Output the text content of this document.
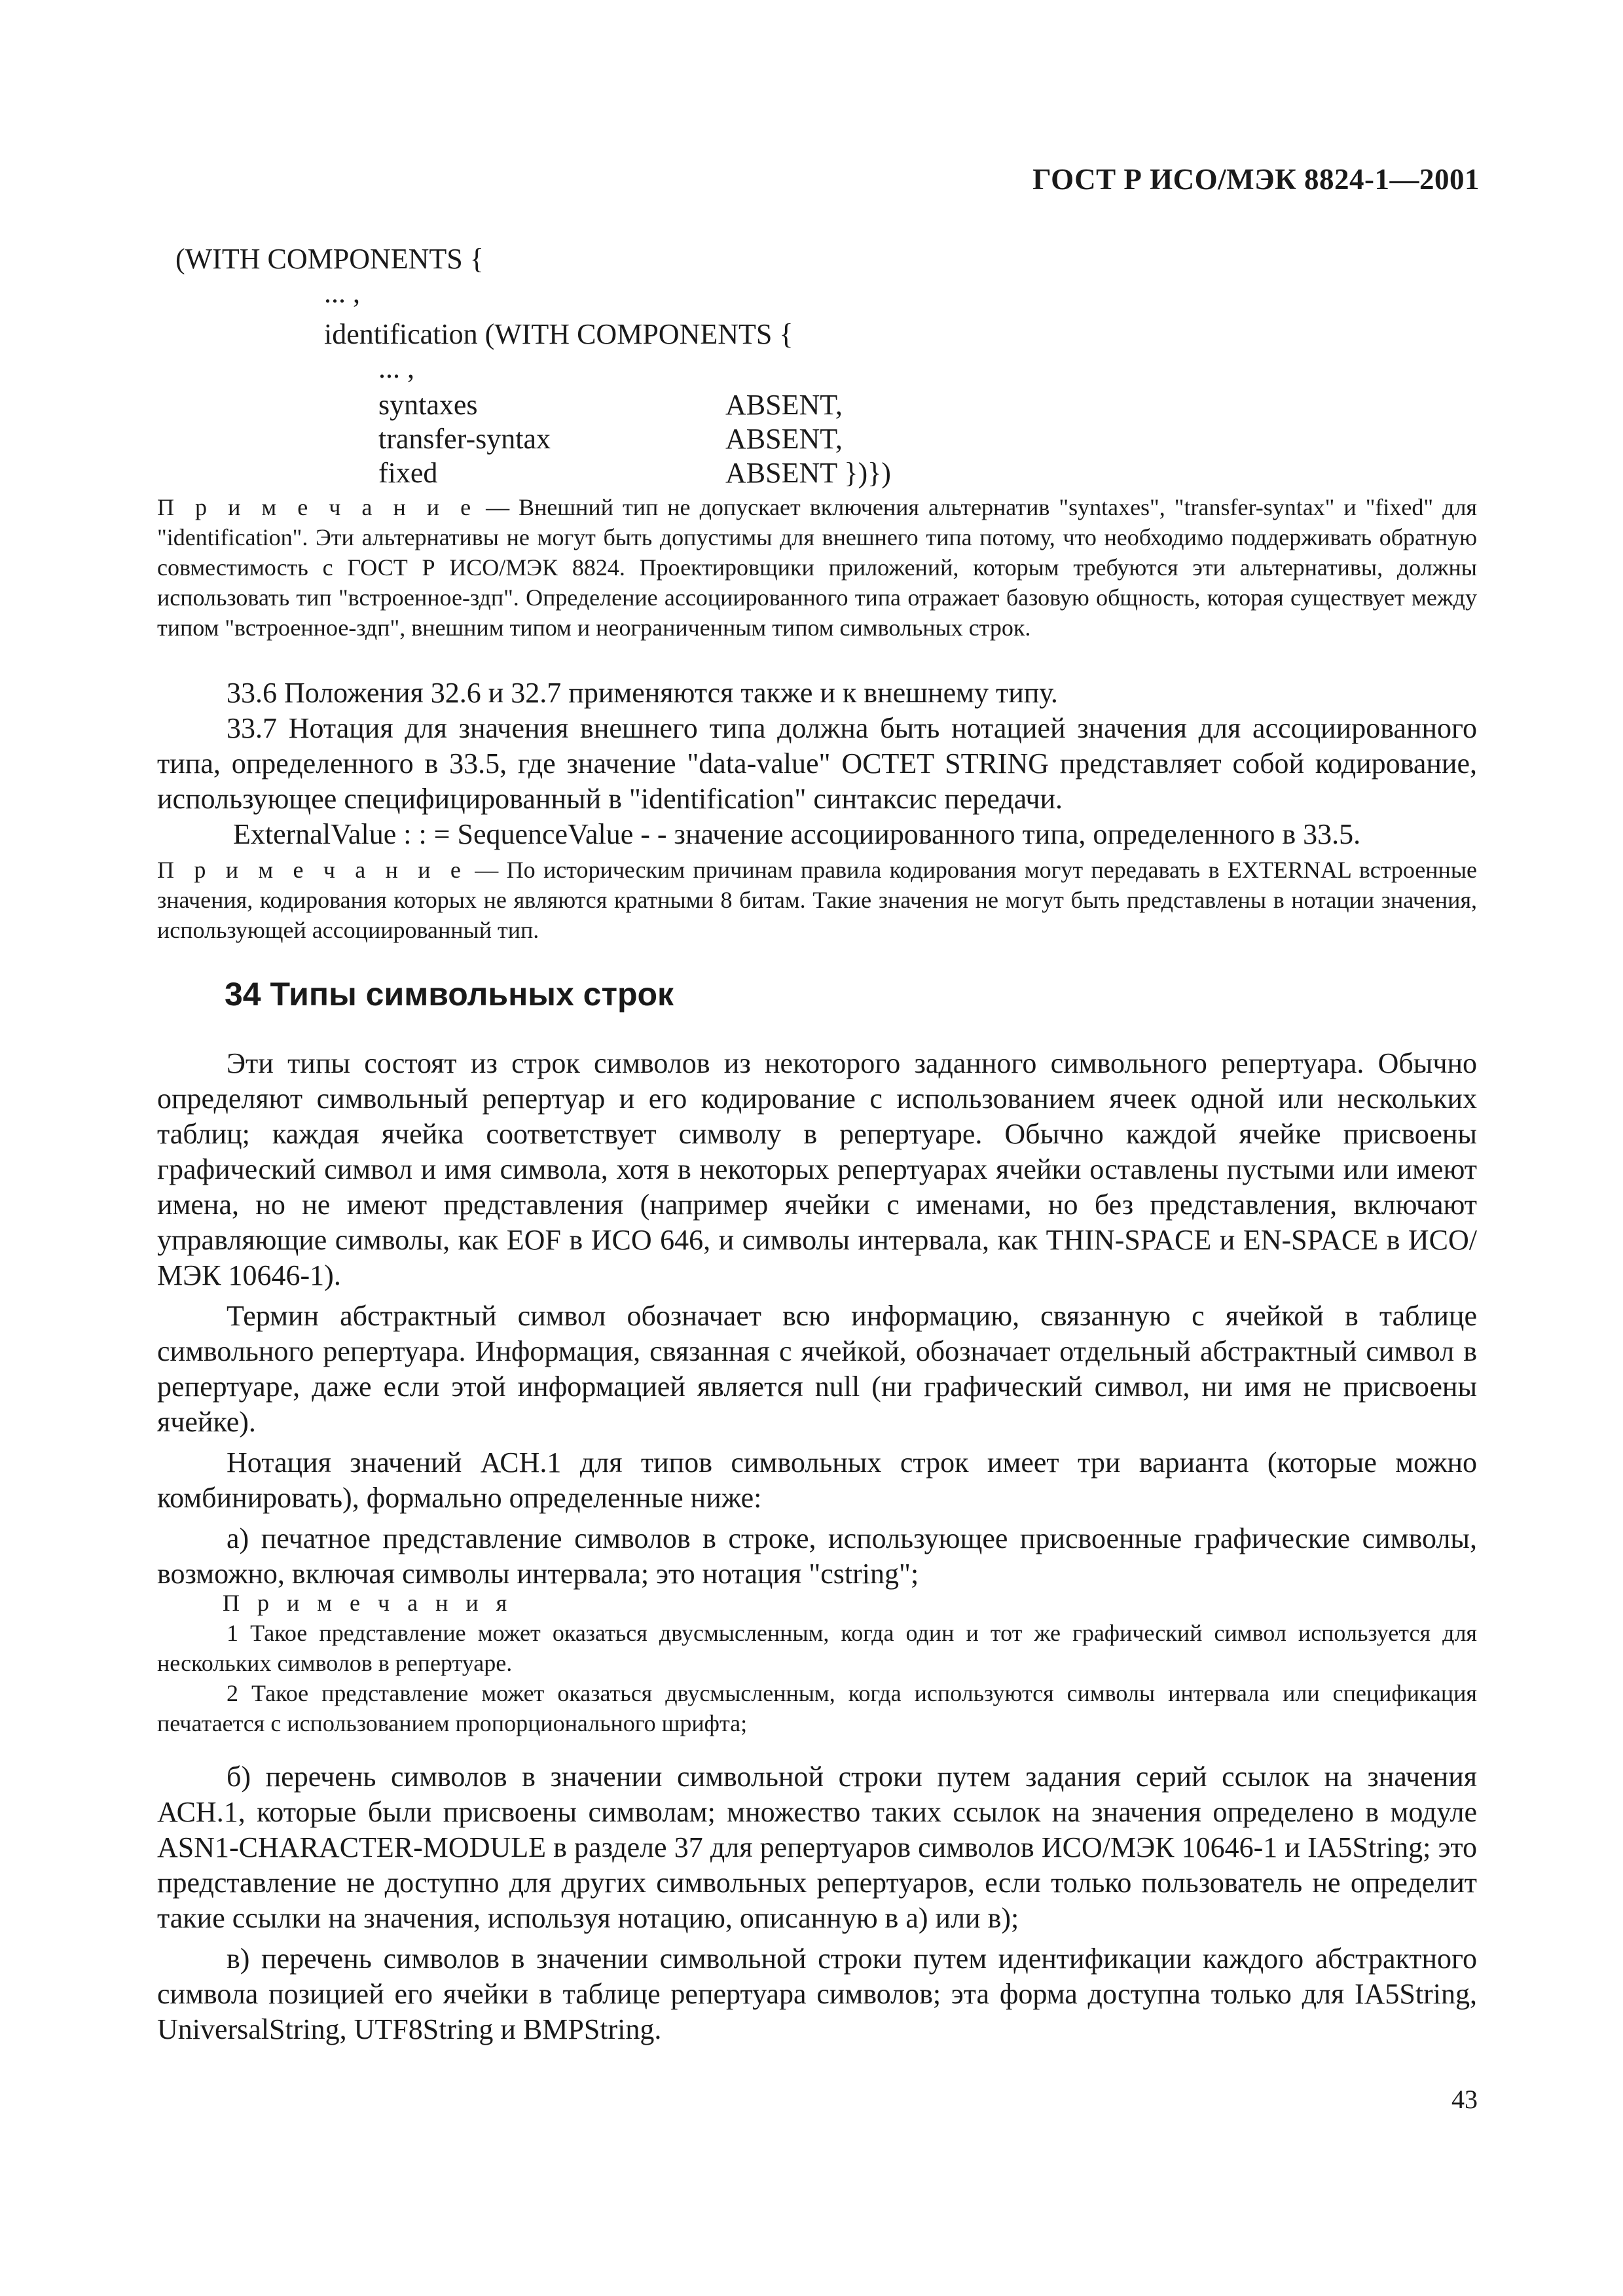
ГОСТ Р ИСО/МЭК 8824-1—2001
(WITH COMPONENTS {
... ,
identification (WITH COMPONENTS {
... ,
syntaxes	ABSENT,
transfer-syntax	ABSENT,
fixed	ABSENT })})

П р и м е ч а н и е — Внешний тип не допускает включения альтернатив "syntaxes", "transfer-syntax" и "fixed" для "identification". Эти альтернативы не могут быть допустимы для внешнего типа потому, что необходимо поддерживать обратную совместимость с ГОСТ Р ИСО/МЭК 8824. Проектировщики приложений, которым требуются эти альтернативы, должны использовать тип "встроенное-здп". Определение ассоциированного типа отражает базовую общность, которая существует между типом "встроенное-здп", внешним типом и неограниченным типом символьных строк.

33.6 Положения 32.6 и 32.7 применяются также и к внешнему типу.

33.7 Нотация для значения внешнего типа должна быть нотацией значения для ассоциированного типа, определенного в 33.5, где значение "data-value" OCTET STRING представляет собой кодирование, использующее специфицированный в "identification" синтаксис передачи.

ExternalValue : : = SequenceValue - - значение ассоциированного типа, определенного в 33.5.

П р и м е ч а н и е — По историческим причинам правила кодирования могут передавать в EXTERNAL встроенные значения, кодирования которых не являются кратными 8 битам. Такие значения не могут быть представлены в нотации значения, использующей ассоциированный тип.

34 Типы символьных строк

Эти типы состоят из строк символов из некоторого заданного символьного репертуара. Обычно определяют символьный репертуар и его кодирование с использованием ячеек одной или нескольких таблиц; каждая ячейка соответствует символу в репертуаре. Обычно каждой ячейке присвоены графический символ и имя символа, хотя в некоторых репертуарах ячейки оставлены пустыми или имеют имена, но не имеют представления (например ячейки с именами, но без представления, включают управляющие символы, как EOF в ИСО 646, и символы интервала, как THIN-SPACE и EN-SPACE в ИСО/МЭК 10646-1).

Термин абстрактный символ обозначает всю информацию, связанную с ячейкой в таблице символьного репертуара. Информация, связанная с ячейкой, обозначает отдельный абстрактный символ в репертуаре, даже если этой информацией является null (ни графический символ, ни имя не присвоены ячейке).

Нотация значений АСН.1 для типов символьных строк имеет три варианта (которые можно комбинировать), формально определенные ниже:

а) печатное представление символов в строке, использующее присвоенные графические символы, возможно, включая символы интервала; это нотация "cstring";

П р и м е ч а н и я

1 Такое представление может оказаться двусмысленным, когда один и тот же графический символ используется для нескольких символов в репертуаре.

2 Такое представление может оказаться двусмысленным, когда используются символы интервала или спецификация печатается с использованием пропорционального шрифта;

б) перечень символов в значении символьной строки путем задания серий ссылок на значения АСН.1, которые были присвоены символам; множество таких ссылок на значения определено в модуле ASN1-CHARACTER-MODULE в разделе 37 для репертуаров символов ИСО/МЭК 10646-1 и IA5String; это представление не доступно для других символьных репертуаров, если только пользователь не определит такие ссылки на значения, используя нотацию, описанную в а) или в);

в) перечень символов в значении символьной строки путем идентификации каждого абстрактного символа позицией его ячейки в таблице репертуара символов; эта форма доступна только для IA5String, UniversalString, UTF8String и BMPString.

43
